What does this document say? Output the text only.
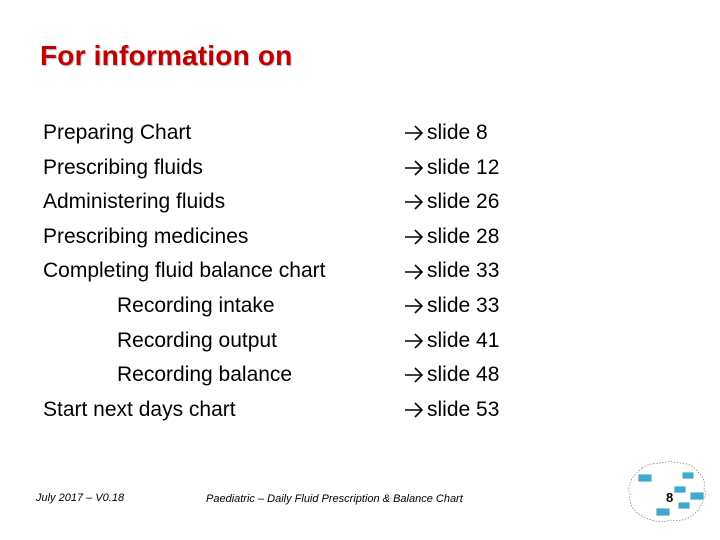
For information on
Preparing Chart
Prescribing fluids
Administering fluids
Prescribing medicines
Completing fluid balance chart
Recording intake
Recording output
Recording balance
Start next days chart
slide 8
slide 12
slide 26
slide 28
slide 33
slide 33
slide 41
slide 48
slide 53
July 2017 – V0.18	Paediatric – Daily Fluid Prescription & Balance Chart	8
